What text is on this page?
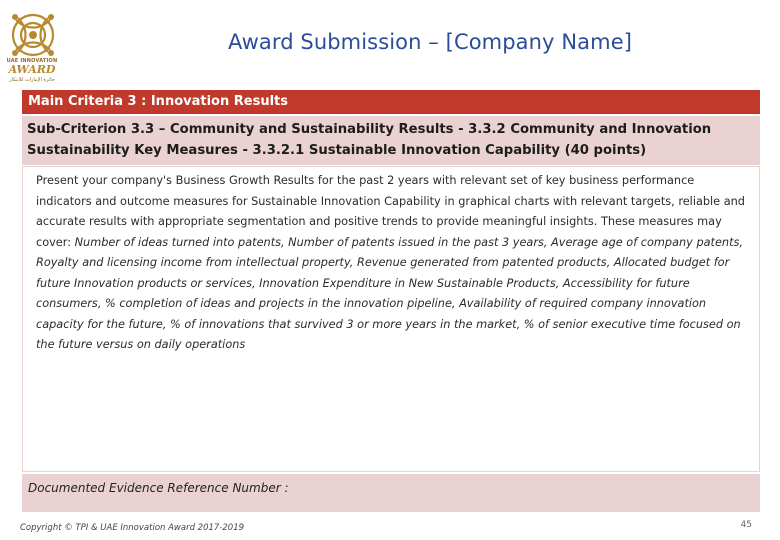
UAE INNOVATION
AWARD
جائزة الإمارات للابتكار
Award Submission – [Company Name]
Main Criteria 3 : Innovation Results
Sub-Criterion 3.3 – Community and Sustainability Results - 3.3.2 Community and Innovation Sustainability Key Measures - 3.3.2.1 Sustainable Innovation Capability (40 points)
Present your company's Business Growth Results for the past 2 years with relevant set of key business performance indicators and outcome measures for Sustainable Innovation Capability in graphical charts with relevant targets, reliable and accurate results with appropriate segmentation and positive trends to provide meaningful insights. These measures may cover: Number of ideas turned into patents, Number of patents issued in the past 3 years, Average age of company patents, Royalty and licensing income from intellectual property, Revenue generated from patented products, Allocated budget for future Innovation products or services, Innovation Expenditure in New Sustainable Products, Accessibility for future consumers, % completion of ideas and projects in the innovation pipeline, Availability of required company innovation capacity for the future, % of innovations that survived 3 or more years in the market, % of senior executive time focused on the future versus on daily operations
Documented Evidence Reference Number :
Copyright © TPI & UAE Innovation Award 2017-2019	45
